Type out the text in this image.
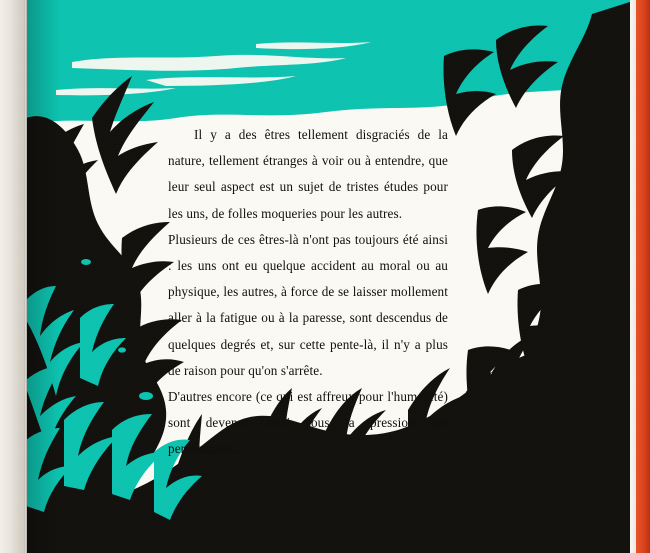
Il y a des êtres tellement disgraciés de la nature, tellement étranges à voir ou à entendre, que leur seul aspect est un sujet de tristes études pour les uns, de folles moqueries pour les autres.

Plusieurs de ces êtres-là n'ont pas toujours été ainsi : les uns ont eu quelque accident au moral ou au physique, les autres, à force de se laisser mollement aller à la fatigue ou à la paresse, sont descendus de quelques degrés et, sur cette pente-là, il n'y a plus de raison pour qu'on s'arrête.

D'autres encore (ce qui est affreux pour l'humanité) sont devenus ainsi sous la pression des persécutions.
